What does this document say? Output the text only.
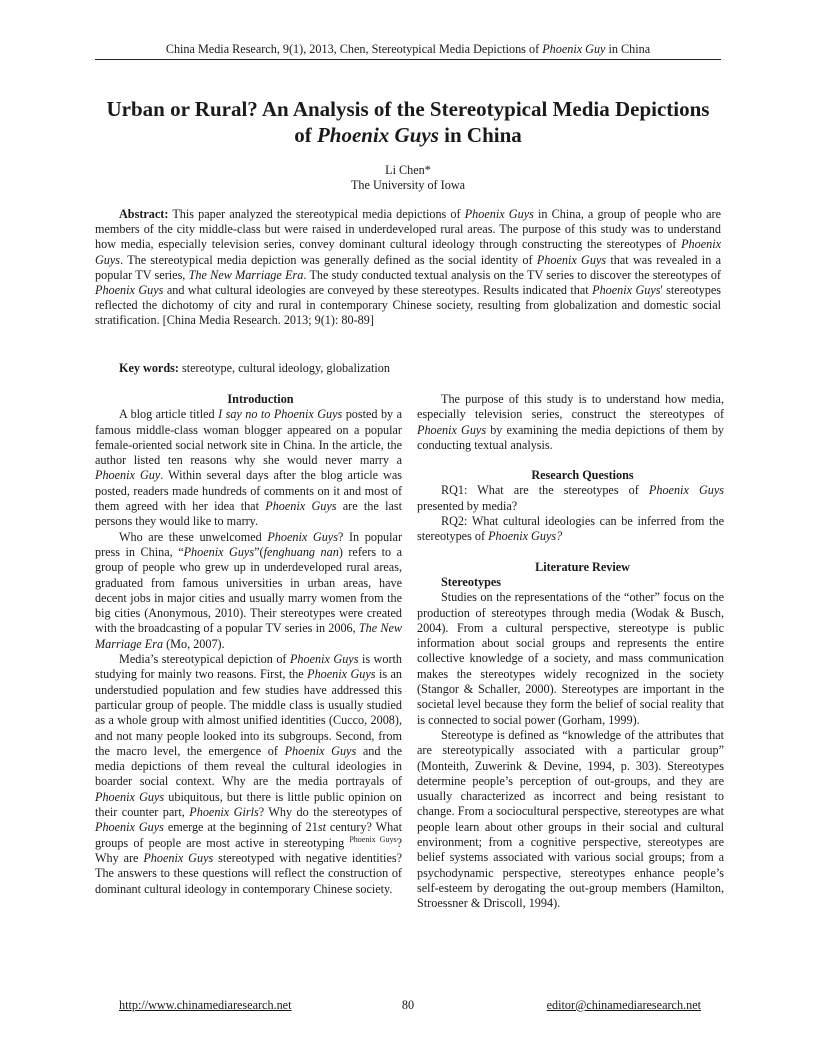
China Media Research, 9(1), 2013, Chen, Stereotypical Media Depictions of Phoenix Guy in China
Urban or Rural? An Analysis of the Stereotypical Media Depictions
of Phoenix Guys in China
Li Chen*
The University of Iowa
Abstract: This paper analyzed the stereotypical media depictions of Phoenix Guys in China, a group of people who are members of the city middle-class but were raised in underdeveloped rural areas. The purpose of this study was to understand how media, especially television series, convey dominant cultural ideology through constructing the stereotypes of Phoenix Guys. The stereotypical media depiction was generally defined as the social identity of Phoenix Guys that was revealed in a popular TV series, The New Marriage Era. The study conducted textual analysis on the TV series to discover the stereotypes of Phoenix Guys and what cultural ideologies are conveyed by these stereotypes. Results indicated that Phoenix Guys' stereotypes reflected the dichotomy of city and rural in contemporary Chinese society, resulting from globalization and domestic social stratification. [China Media Research. 2013; 9(1): 80-89]
Key words: stereotype, cultural ideology, globalization

Introduction

A blog article titled I say no to Phoenix Guys posted by a famous middle-class woman blogger appeared on a popular female-oriented social network site in China. In the article, the author listed ten reasons why she would never marry a Phoenix Guy. Within several days after the blog article was posted, readers made hundreds of comments on it and most of them agreed with her idea that Phoenix Guys are the last persons they would like to marry.

Who are these unwelcomed Phoenix Guys? In popular press in China, “Phoenix Guys”(fenghuang nan) refers to a group of people who grew up in underdeveloped rural areas, graduated from famous universities in urban areas, have decent jobs in major cities and usually marry women from the big cities (Anonymous, 2010). Their stereotypes were created with the broadcasting of a popular TV series in 2006, The New Marriage Era (Mo, 2007).

Media’s stereotypical depiction of Phoenix Guys is worth studying for mainly two reasons. First, the Phoenix Guys is an understudied population and few studies have addressed this particular group of people. The middle class is usually studied as a whole group with almost unified identities (Cucco, 2008), and not many people looked into its subgroups. Second, from the macro level, the emergence of Phoenix Guys and the media depictions of them reveal the cultural ideologies in boarder social context. Why are the media portrayals of Phoenix Guys ubiquitous, but there is little public opinion on their counter part, Phoenix Girls? Why do the stereotypes of Phoenix Guys emerge at the beginning of 21st century? What groups of people are most active in stereotyping $^{Phoenix Guys}$? Why are Phoenix Guys stereotyped with negative identities? The answers to these questions will reflect the construction of dominant cultural ideology in contemporary Chinese society.

The purpose of this study is to understand how media, especially television series, construct the stereotypes of Phoenix Guys by examining the media depictions of them by conducting textual analysis.

Research Questions

RQ1: What are the stereotypes of Phoenix Guys presented by media?

RQ2: What cultural ideologies can be inferred from the stereotypes of Phoenix Guys?

Literature Review

Stereotypes

Studies on the representations of the “other” focus on the production of stereotypes through media (Wodak & Busch, 2004). From a cultural perspective, stereotype is public information about social groups and represents the entire collective knowledge of a society, and mass communication makes the stereotypes widely recognized in the society (Stangor & Schaller, 2000). Stereotypes are important in the societal level because they form the belief of social reality that is connected to social power (Gorham, 1999).

Stereotype is defined as “knowledge of the attributes that are stereotypically associated with a particular group” (Monteith, Zuwerink & Devine, 1994, p. 303). Stereotypes determine people’s perception of out-groups, and they are usually characterized as incorrect and being resistant to change. From a sociocultural perspective, stereotypes are what people learn about other groups in their social and cultural environment; from a cognitive perspective, stereotypes are belief systems associated with various social groups; from a psychodynamic perspective, stereotypes enhance people’s self-esteem by derogating the out-group members (Hamilton, Stroessner & Driscoll, 1994).

http://www.chinamediaresearch.net	80	editor@chinamediaresearch.net
